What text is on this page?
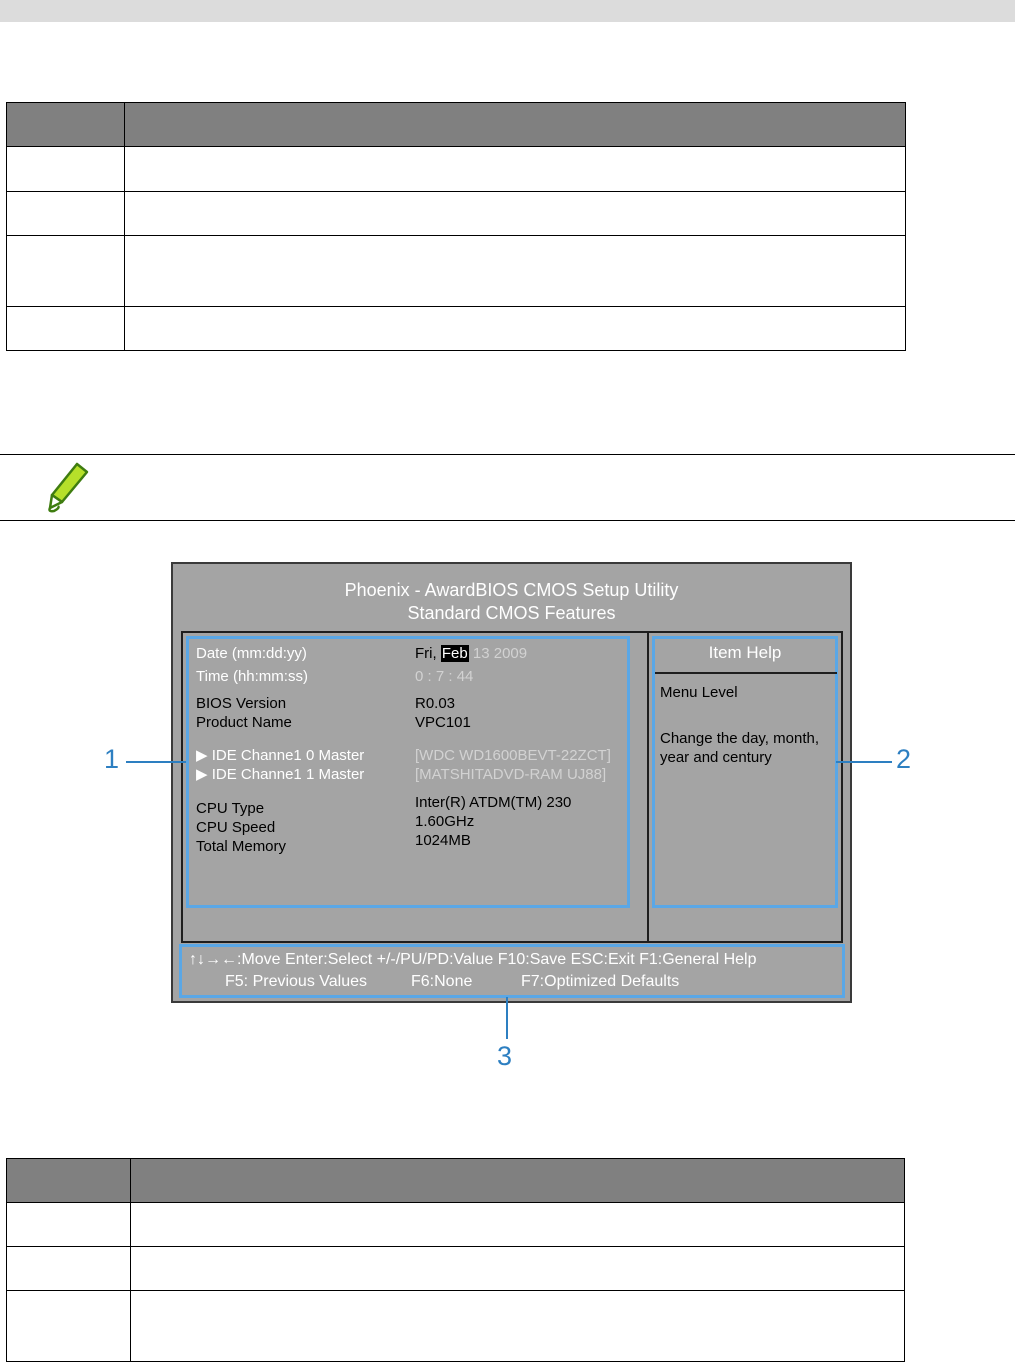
Phoenix - AwardBIOS CMOS Setup Utility
Standard CMOS Features
Date (mm:dd:yy)	Fri, Feb 13 2009
Time (hh:mm:ss)	0 : 7 : 44
BIOS Version	R0.03
Product Name	VPC101
▶ IDE Channe1 0 Master	[WDC WD1600BEVT-22ZCT]
▶ IDE Channe1 1 Master	[MATSHITADVD-RAM UJ88]
CPU Type	Inter(R) ATDM(TM) 230
CPU Speed	1.60GHz
Total Memory	1024MB
Item Help
Menu Level
Change the day, month,
year and century
↑↓→←:Move Enter:Select +/-/PU/PD:Value F10:Save ESC:Exit F1:General Help
F5: Previous Values	F6:None	F7:Optimized Defaults
1	2
3
